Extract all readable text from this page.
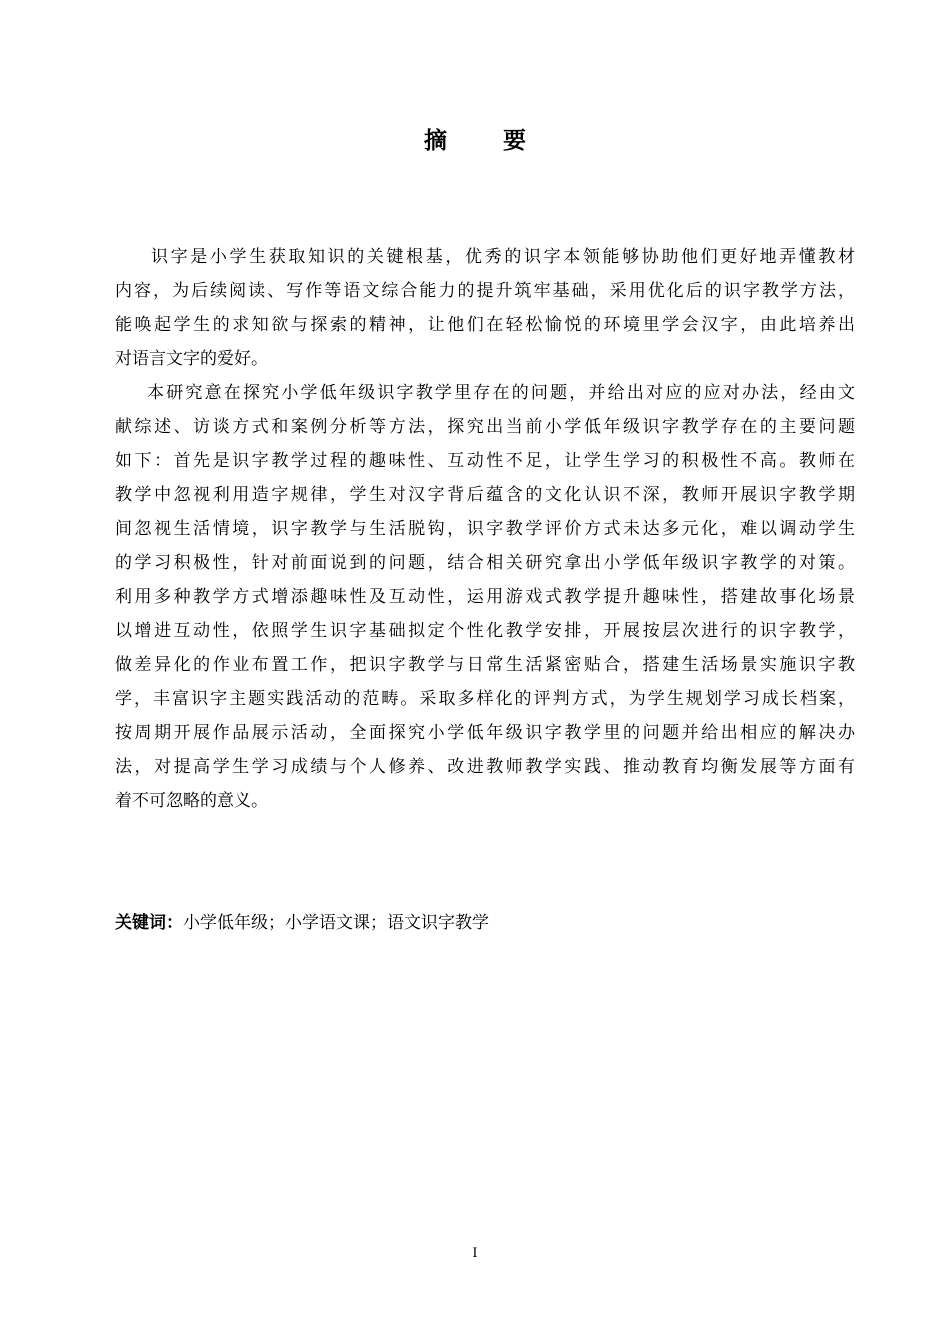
摘 要
识字是小学生获取知识的关键根基，优秀的识字本领能够协助他们更好地弄懂教材
内容，为后续阅读、写作等语文综合能力的提升筑牢基础，采用优化后的识字教学方法，
能唤起学生的求知欲与探索的精神，让他们在轻松愉悦的环境里学会汉字，由此培养出
对语言文字的爱好。
本研究意在探究小学低年级识字教学里存在的问题，并给出对应的应对办法，经由文
献综述、访谈方式和案例分析等方法，探究出当前小学低年级识字教学存在的主要问题
如下：首先是识字教学过程的趣味性、互动性不足，让学生学习的积极性不高。教师在
教学中忽视利用造字规律，学生对汉字背后蕴含的文化认识不深，教师开展识字教学期
间忽视生活情境，识字教学与生活脱钩，识字教学评价方式未达多元化，难以调动学生
的学习积极性，针对前面说到的问题，结合相关研究拿出小学低年级识字教学的对策。
利用多种教学方式增添趣味性及互动性，运用游戏式教学提升趣味性，搭建故事化场景
以增进互动性，依照学生识字基础拟定个性化教学安排，开展按层次进行的识字教学，
做差异化的作业布置工作，把识字教学与日常生活紧密贴合，搭建生活场景实施识字教
学，丰富识字主题实践活动的范畴。采取多样化的评判方式，为学生规划学习成长档案，
按周期开展作品展示活动，全面探究小学低年级识字教学里的问题并给出相应的解决办
法，对提高学生学习成绩与个人修养、改进教师教学实践、推动教育均衡发展等方面有
着不可忽略的意义。
关键词：小学低年级；小学语文课；语文识字教学
I
